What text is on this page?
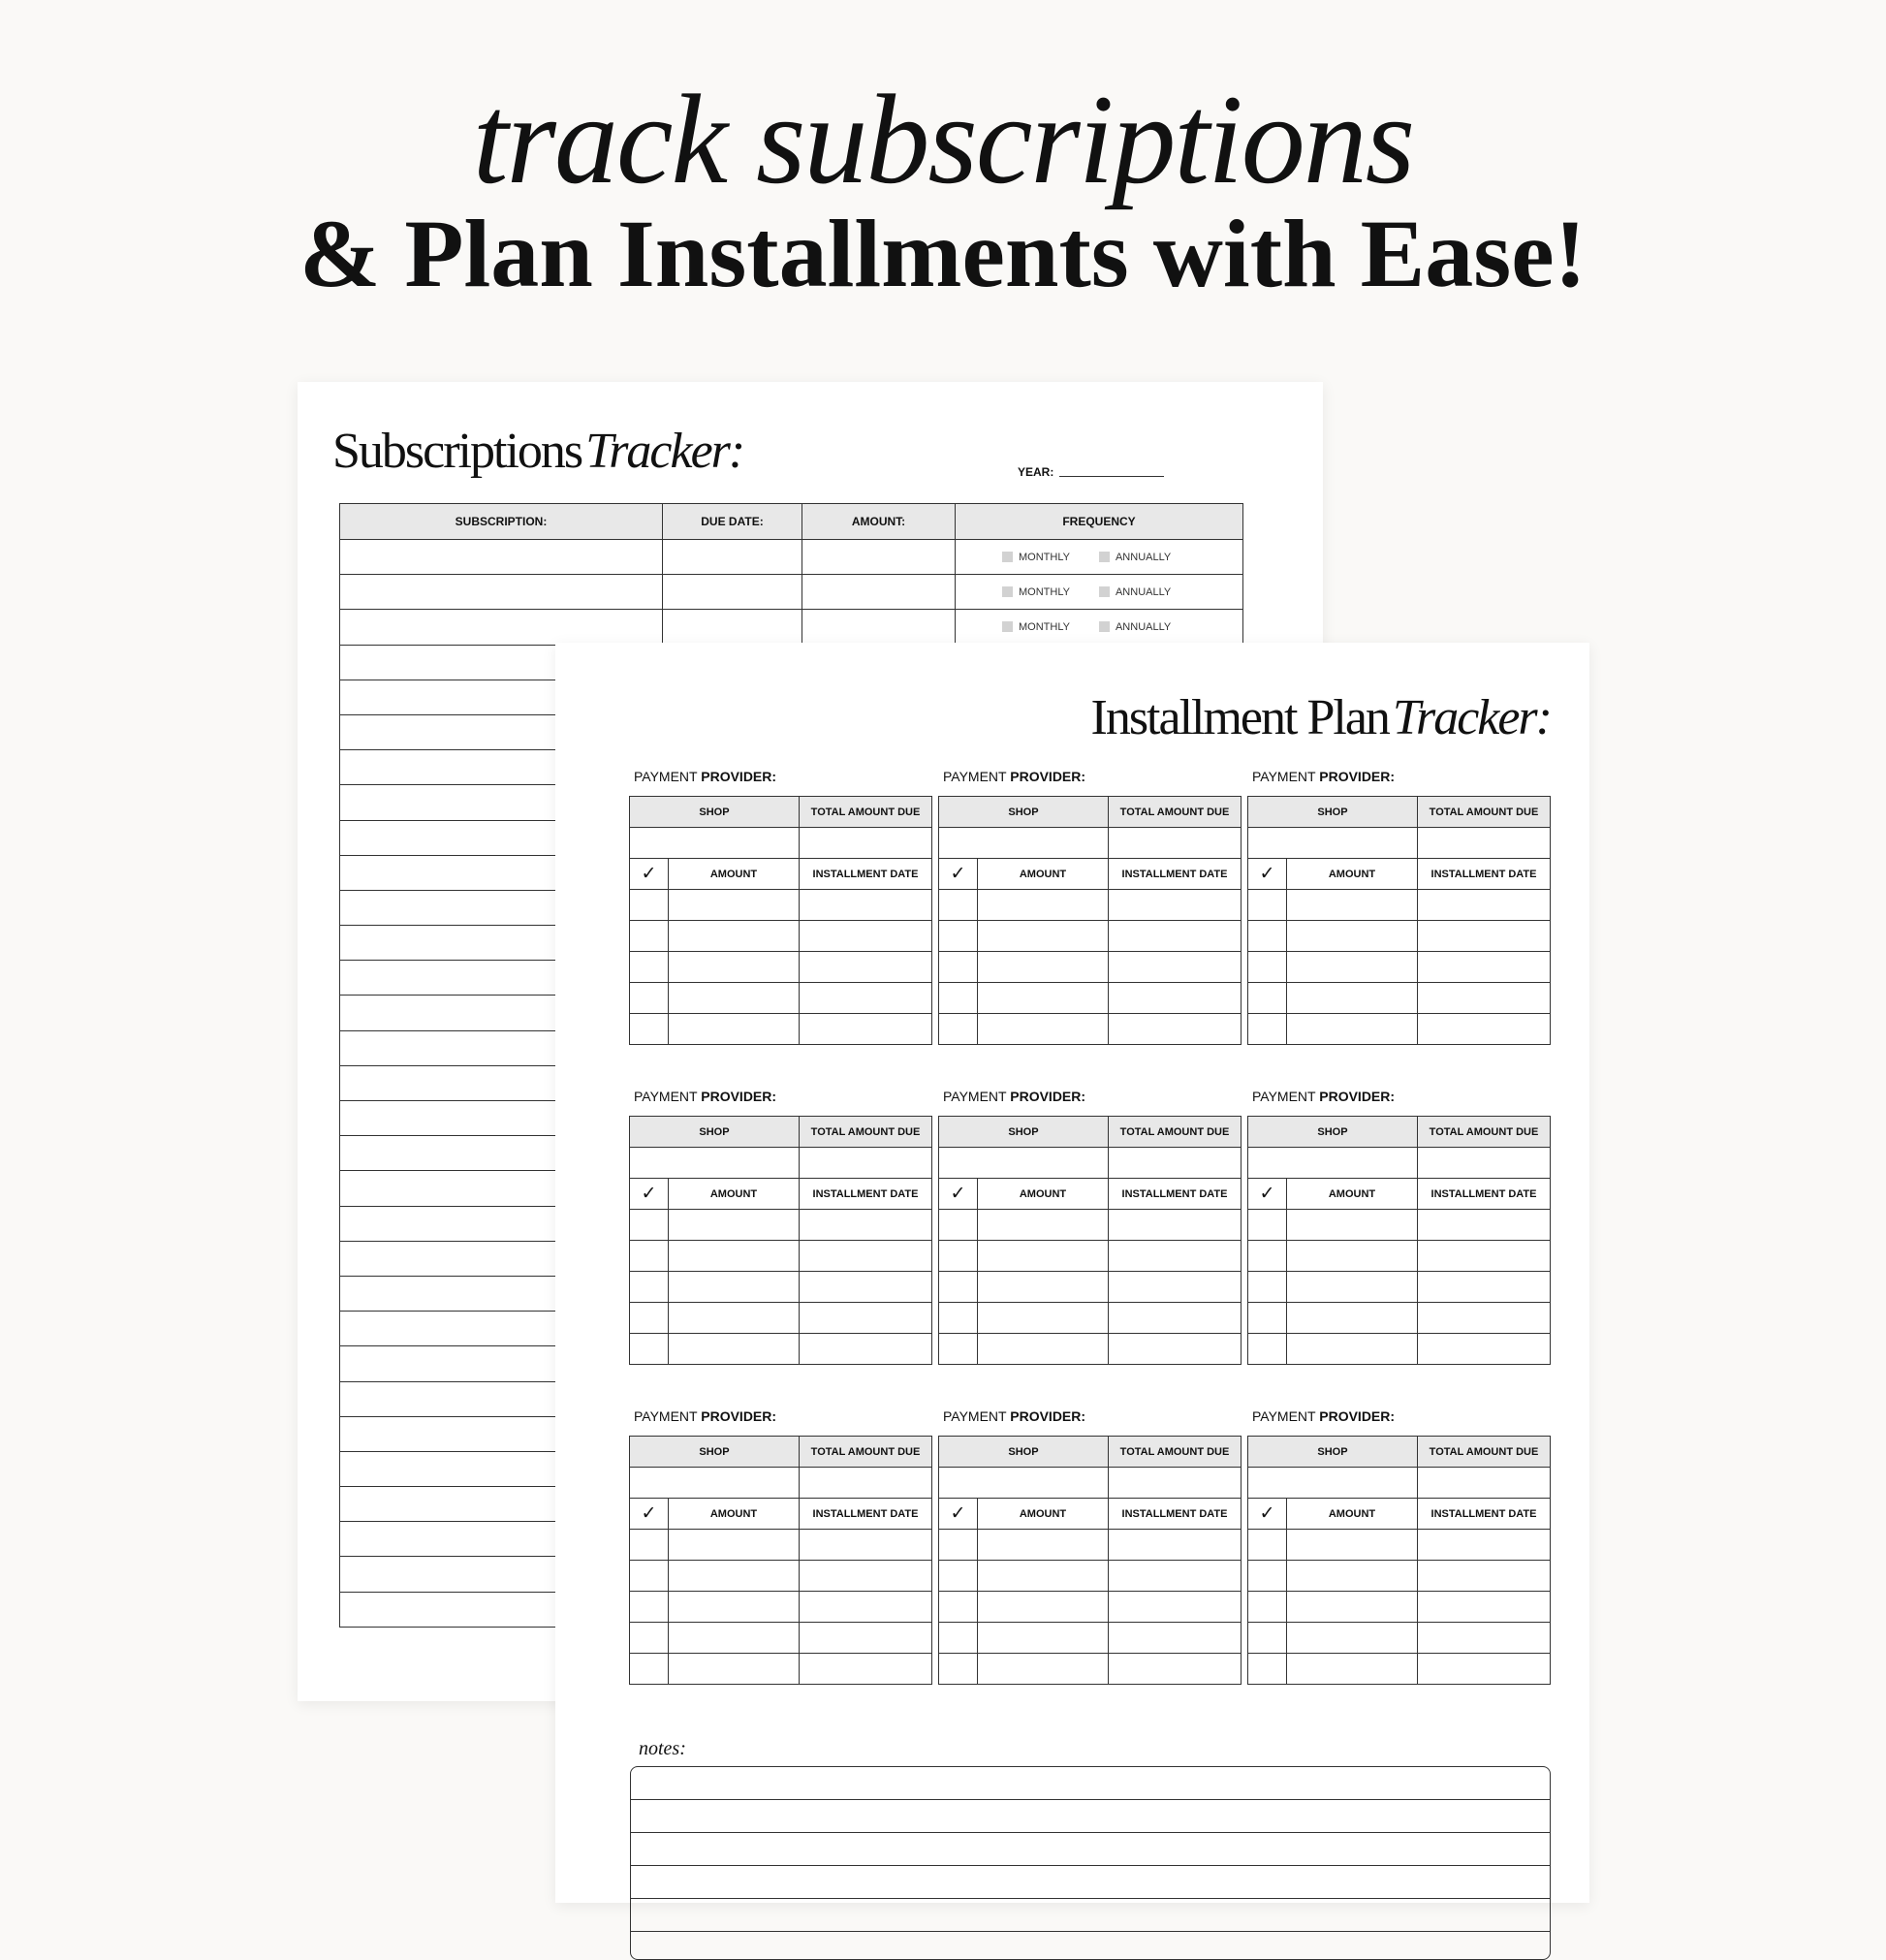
track subscriptions
& Plan Installments with Ease!
SubscriptionsTracker:	YEAR:
SUBSCRIPTION:	DUE DATE:	AMOUNT:	FREQUENCY

			MONTHLY ANNUALLY

			MONTHLY ANNUALLY

			MONTHLY ANNUALLY

Installment PlanTracker:
PAYMENT PROVIDER:
SHOP		TOTAL AMOUNT DUE

✓	AMOUNT	INSTALLMENT DATE

PAYMENT PROVIDER:
SHOP		TOTAL AMOUNT DUE

✓	AMOUNT	INSTALLMENT DATE

PAYMENT PROVIDER:
SHOP		TOTAL AMOUNT DUE

✓	AMOUNT	INSTALLMENT DATE

PAYMENT PROVIDER:
SHOP		TOTAL AMOUNT DUE

✓	AMOUNT	INSTALLMENT DATE

PAYMENT PROVIDER:
SHOP		TOTAL AMOUNT DUE

✓	AMOUNT	INSTALLMENT DATE

PAYMENT PROVIDER:
SHOP		TOTAL AMOUNT DUE

✓	AMOUNT	INSTALLMENT DATE

PAYMENT PROVIDER:
SHOP		TOTAL AMOUNT DUE

✓	AMOUNT	INSTALLMENT DATE

PAYMENT PROVIDER:
SHOP		TOTAL AMOUNT DUE

✓	AMOUNT	INSTALLMENT DATE

PAYMENT PROVIDER:
SHOP		TOTAL AMOUNT DUE

✓	AMOUNT	INSTALLMENT DATE

notes:
